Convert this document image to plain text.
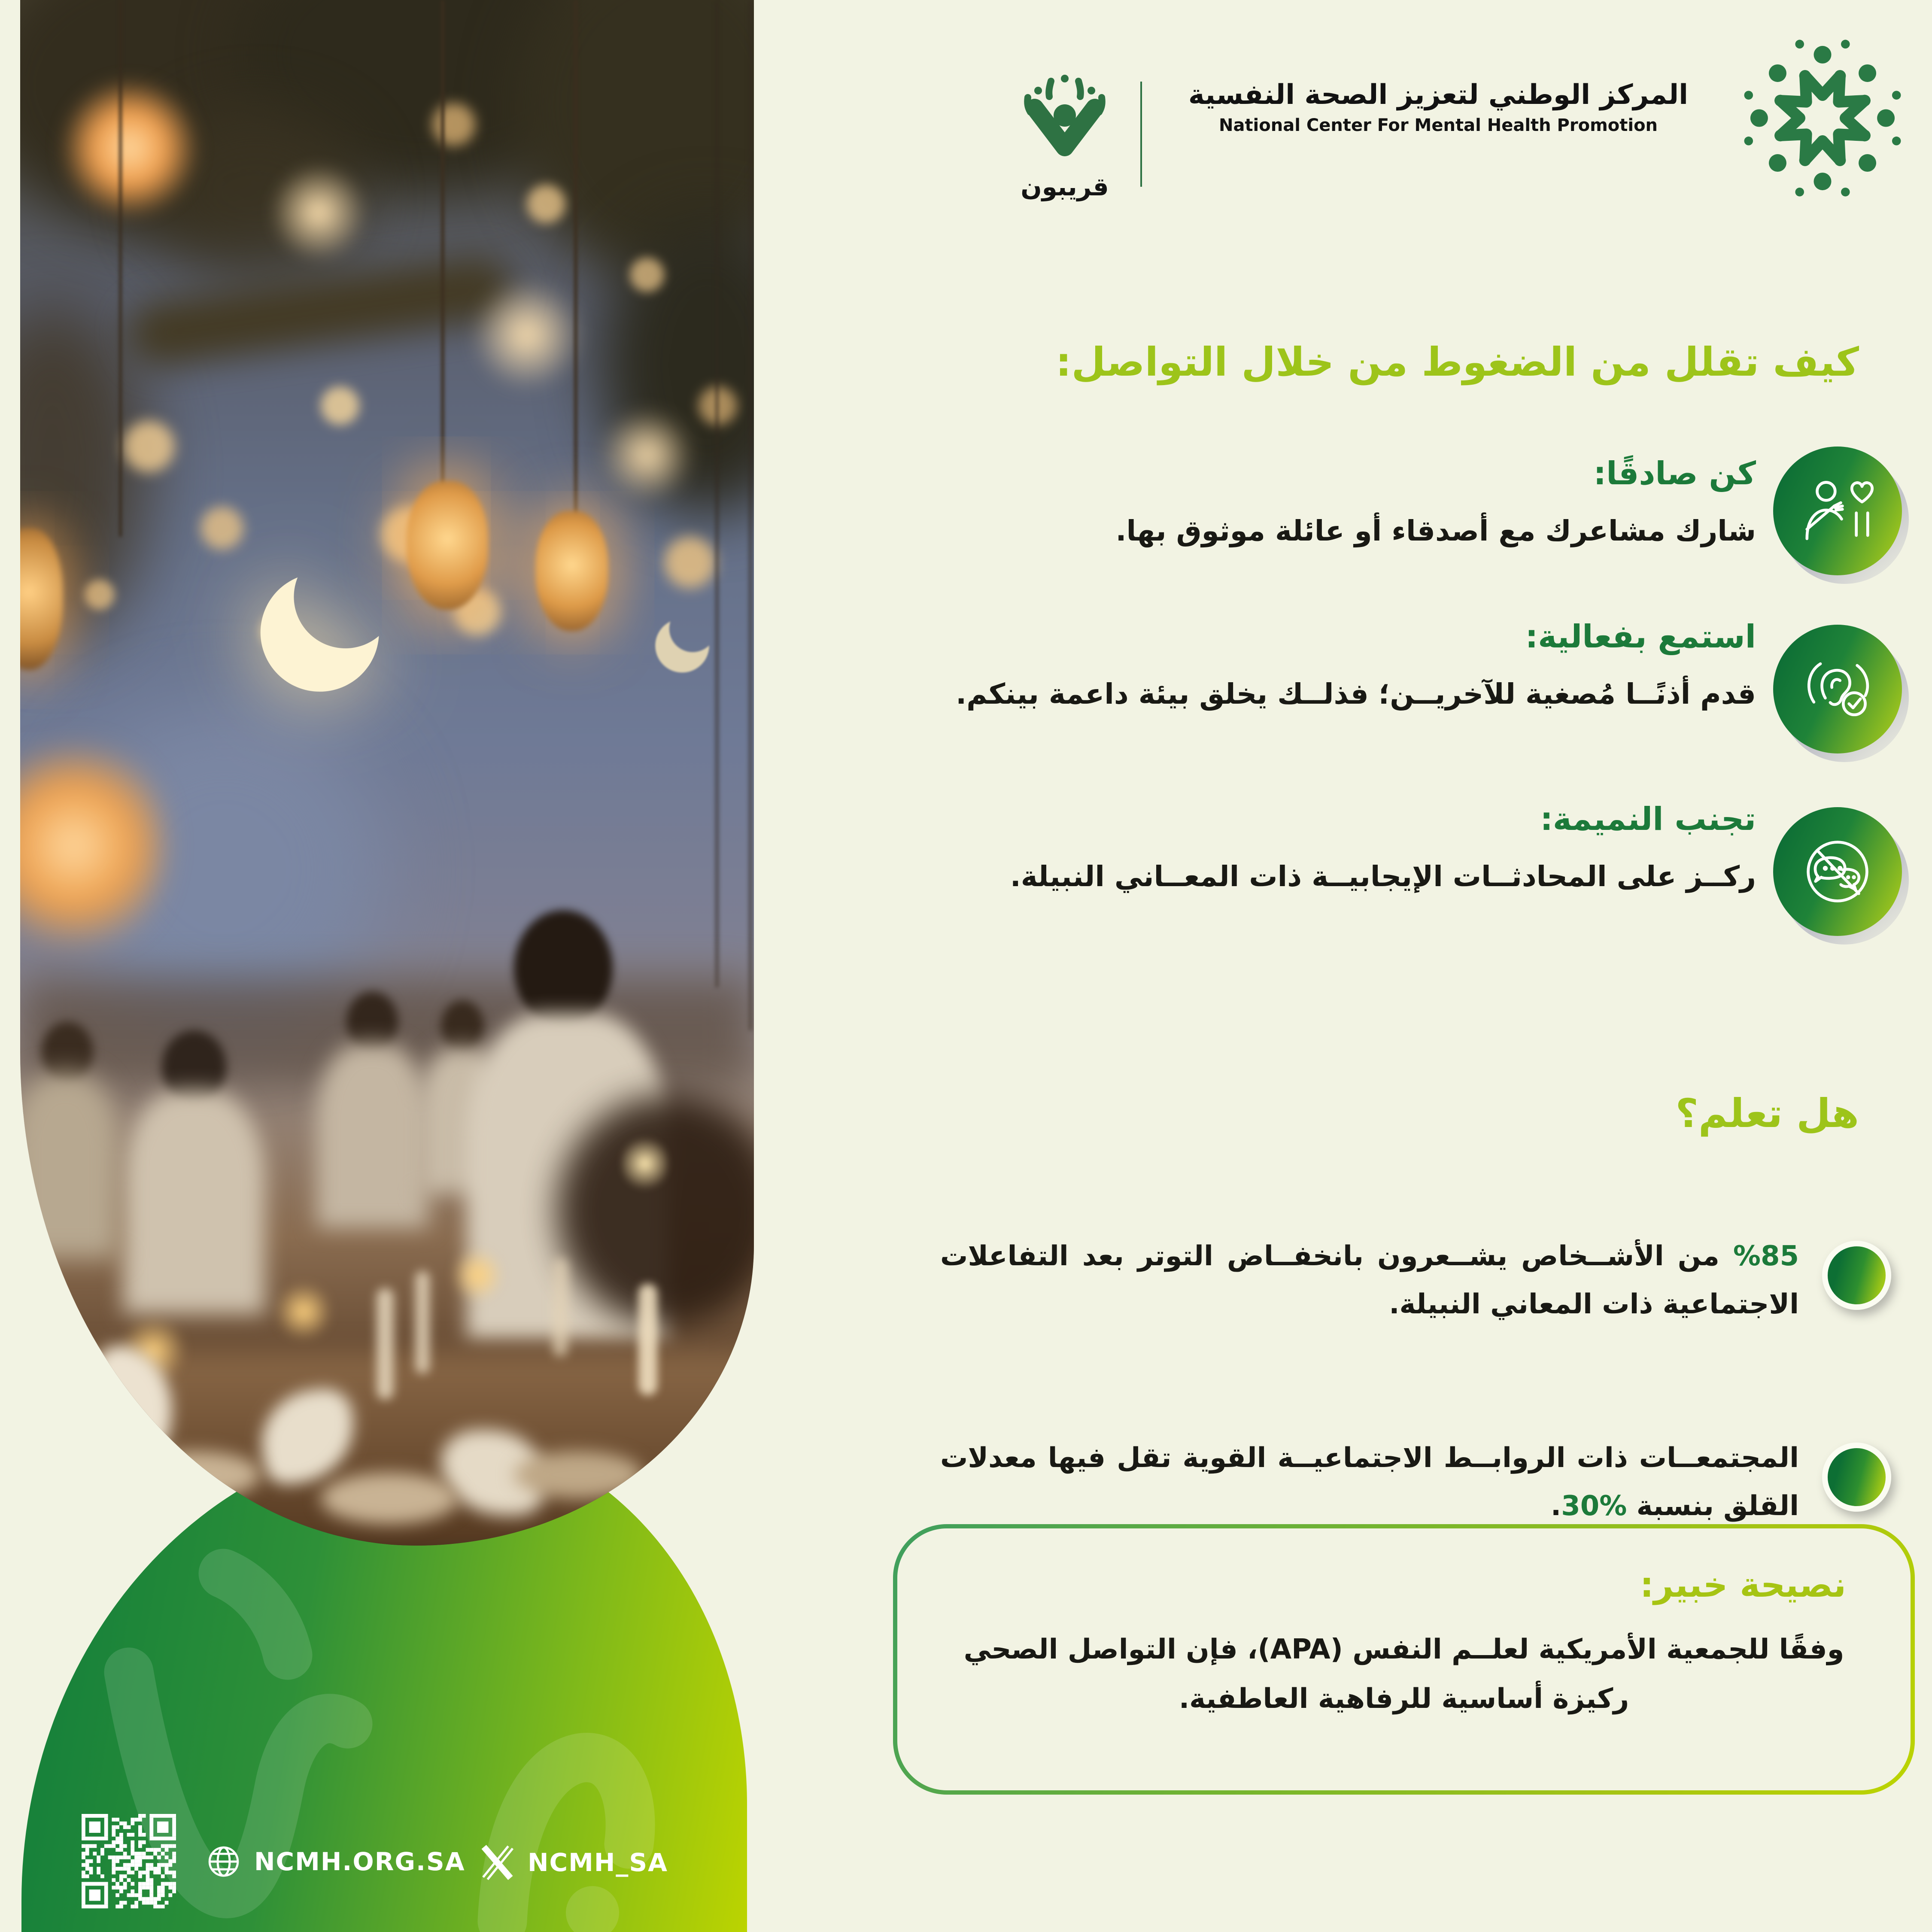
قريبون
المركز الوطني لتعزيز الصحة النفسية
National Center For Mental Health Promotion
كيف تقلل من الضغوط من خلال التواصل:
كن صادقًا:
شارك مشاعرك مع أصدقاء أو عائلة موثوق بها.
استمع بفعالية:
قدم أذنًــا مُصغية للآخريــن؛ فذلــك يخلق بيئة داعمة بينكم.
تجنب النميمة:
ركــز على المحادثــات الإيجابيــة ذات المعــاني النبيلة.
هل تعلم؟
%85 من الأشــخاص يشــعرون بانخفــاض التوتر بعد التفاعلات الاجتماعية ذات المعاني النبيلة.
المجتمعــات ذات الروابــط الاجتماعيــة القوية تقل فيها معدلات القلق بنسبة %30.
نصيحة خبير:
وفقًا للجمعية الأمريكية لعلــم النفس (APA)، فإن التواصل الصحي ركيزة أساسية للرفاهية العاطفية.
NCMH.ORG.SA	NCMH_SA
